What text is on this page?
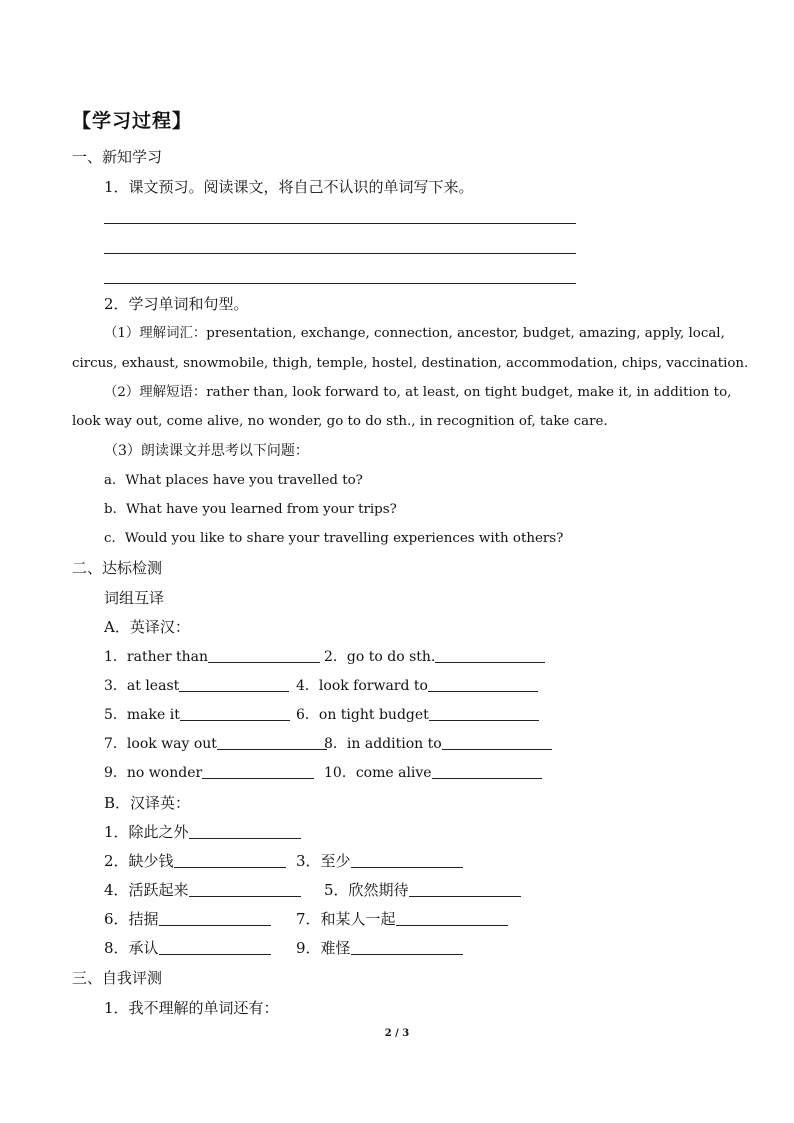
【学习过程】
一、新知学习
1．课文预习。阅读课文，将自己不认识的单词写下来。
2．学习单词和句型。
（1）理解词汇：presentation, exchange, connection, ancestor, budget, amazing, apply, local,
circus, exhaust, snowmobile, thigh, temple, hostel, destination, accommodation, chips, vaccination.
（2）理解短语：rather than, look forward to, at least, on tight budget, make it, in addition to,
look way out, come alive, no wonder, go to do sth., in recognition of, take care.
（3）朗读课文并思考以下问题：
a．What places have you travelled to?
b．What have you learned from your trips?
c．Would you like to share your travelling experiences with others?
二、达标检测
词组互译
A．英译汉：
1．rather than	2．go to do sth.
3．at least	4．look forward to
5．make it	6．on tight budget
7．look way out	8．in addition to
9．no wonder	10．come alive
B．汉译英：
1．除此之外
2．缺少钱	3．至少
4．活跃起来	5．欣然期待
6．拮据	7．和某人一起
8．承认	9．难怪
三、自我评测
1．我不理解的单词还有：
2 / 3
